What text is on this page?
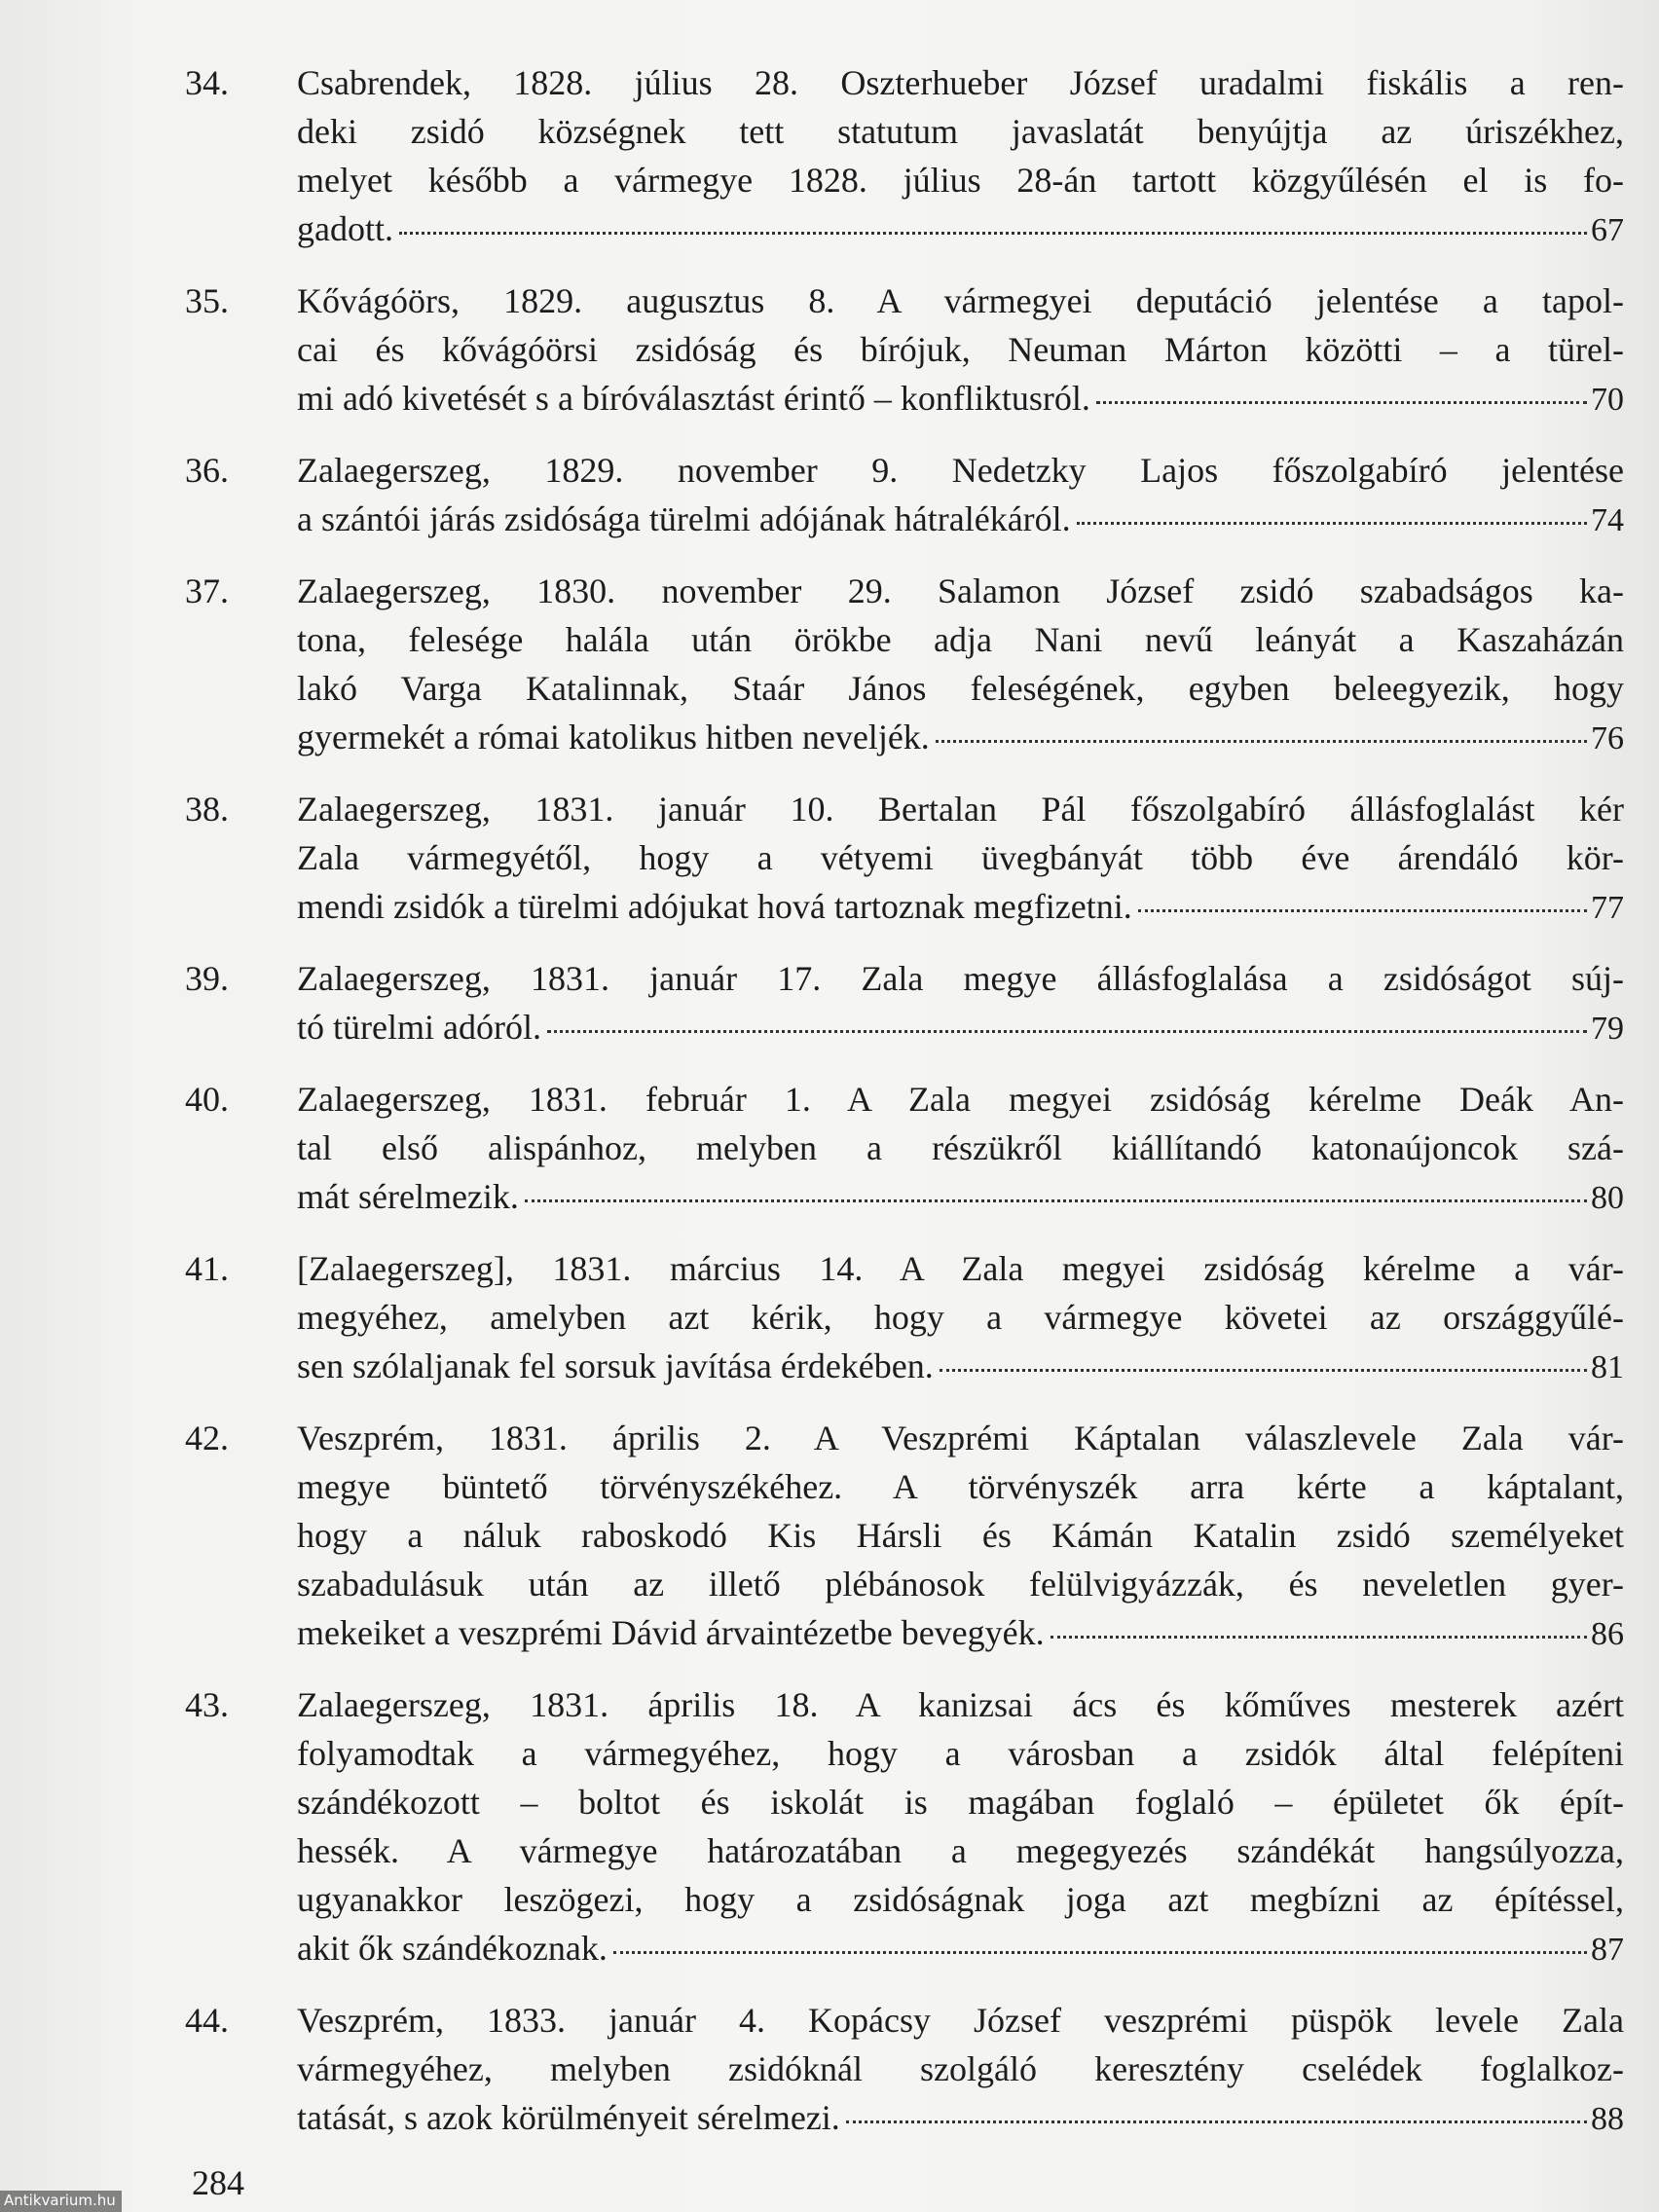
34. Csabrendek, 1828. július 28. Oszterhueber József uradalmi fiskális a ren-
deki zsidó községnek tett statutum javaslatát benyújtja az úriszékhez,
melyet később a vármegye 1828. július 28-án tartott közgyűlésén el is fo-
gadott.	67
35. Kővágóörs, 1829. augusztus 8. A vármegyei deputáció jelentése a tapol-
cai és kővágóörsi zsidóság és bírójuk, Neuman Márton közötti – a türel-
mi adó kivetését s a bíróválasztást érintő – konfliktusról.	70
36. Zalaegerszeg, 1829. november 9. Nedetzky Lajos főszolgabíró jelentése
a szántói járás zsidósága türelmi adójának hátralékáról.	74
37. Zalaegerszeg, 1830. november 29. Salamon József zsidó szabadságos ka-
tona, felesége halála után örökbe adja Nani nevű leányát a Kaszaházán
lakó Varga Katalinnak, Staár János feleségének, egyben beleegyezik, hogy
gyermekét a római katolikus hitben neveljék.	76
38. Zalaegerszeg, 1831. január 10. Bertalan Pál főszolgabíró állásfoglalást kér
Zala vármegyétől, hogy a vétyemi üvegbányát több éve árendáló kör-
mendi zsidók a türelmi adójukat hová tartoznak megfizetni.	77
39. Zalaegerszeg, 1831. január 17. Zala megye állásfoglalása a zsidóságot súj-
tó türelmi adóról.	79
40. Zalaegerszeg, 1831. február 1. A Zala megyei zsidóság kérelme Deák An-
tal első alispánhoz, melyben a részükről kiállítandó katonaújoncok szá-
mát sérelmezik.	80
41. [Zalaegerszeg], 1831. március 14. A Zala megyei zsidóság kérelme a vár-
megyéhez, amelyben azt kérik, hogy a vármegye követei az országgyűlé-
sen szólaljanak fel sorsuk javítása érdekében.	81
42. Veszprém, 1831. április 2. A Veszprémi Káptalan válaszlevele Zala vár-
megye büntető törvényszékéhez. A törvényszék arra kérte a káptalant,
hogy a náluk raboskodó Kis Hársli és Kámán Katalin zsidó személyeket
szabadulásuk után az illető plébánosok felülvigyázzák, és neveletlen gyer-
mekeiket a veszprémi Dávid árvaintézetbe bevegyék.	86
43. Zalaegerszeg, 1831. április 18. A kanizsai ács és kőműves mesterek azért
folyamodtak a vármegyéhez, hogy a városban a zsidók által felépíteni
szándékozott – boltot és iskolát is magában foglaló – épületet ők épít-
hessék. A vármegye határozatában a megegyezés szándékát hangsúlyozza,
ugyanakkor leszögezi, hogy a zsidóságnak joga azt megbízni az építéssel,
akit ők szándékoznak.	87
44. Veszprém, 1833. január 4. Kopácsy József veszprémi püspök levele Zala
vármegyéhez, melyben zsidóknál szolgáló keresztény cselédek foglalkoz-
tatását, s azok körülményeit sérelmezi.	88
284
Antikvarium.hu
